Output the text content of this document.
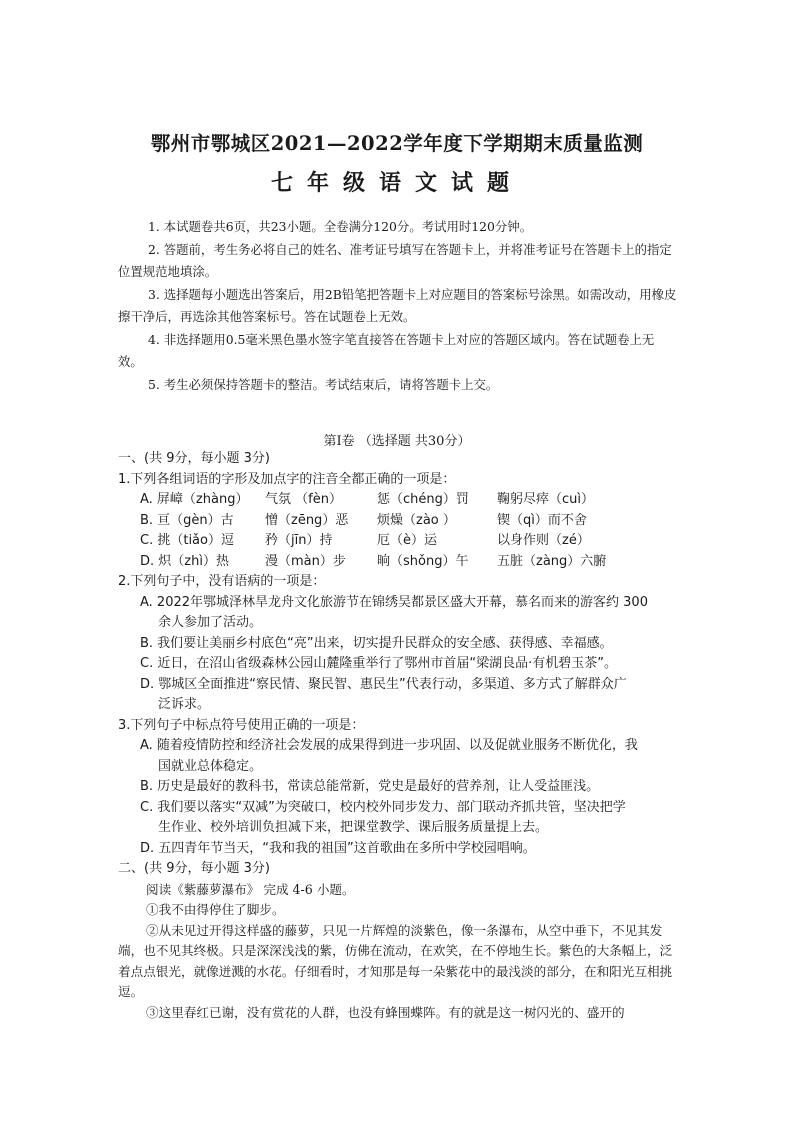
鄂州市鄂城区2021—2022学年度下学期期末质量监测
七年级语文试题

1. 本试题卷共6页，共23小题。全卷满分120分。考试用时120分钟。

2. 答题前，考生务必将自己的姓名、准考证号填写在答题卡上，并将准考证号在答题卡上的指定位置规范地填涂。

3. 选择题每小题选出答案后，用2B铅笔把答题卡上对应题目的答案标号涂黑。如需改动，用橡皮擦干净后，再选涂其他答案标号。答在试题卷上无效。

4. 非选择题用0.5毫米黑色墨水签字笔直接答在答题卡上对应的答题区域内。答在试题卷上无效。

5. 考生必须保持答题卡的整洁。考试结束后，请将答题卡上交。

第Ⅰ卷 （选择题 共30分）

一、(共 9分，每小题 3分)

1.下列各组词语的字形及加点字的注音全都正确的一项是：

A. 屏嶂（zhàng）	气氛 （fèn）	惩（chéng）罚	鞠躬尽瘁（cuì）
B. 亘（gèn）古	憎（zēng）恶	烦燥（zào ）	锲（qì）而不舍
C. 挑（tiǎo）逗	矜（jīn）持	厄（è）运	以身作则（zé）
D. 炽（zhì）热	漫（màn）步	晌（shǒng）午	五脏（zàng）六腑

2.下列句子中，没有语病的一项是：

A. 2022年鄂城泽林旱龙舟文化旅游节在锦绣吴都景区盛大开幕，慕名而来的游客约 300
余人参加了活动。

B. 我们要让美丽乡村底色“亮”出来，切实提升民群众的安全感、获得感、幸福感。

C. 近日，在沼山省级森林公园山麓隆重举行了鄂州市首届“梁湖良品·有机碧玉茶”。

D. 鄂城区全面推进“察民情、聚民智、惠民生”代表行动，多渠道、多方式了解群众广
泛诉求。

3.下列句子中标点符号使用正确的一项是：

A. 随着疫情防控和经济社会发展的成果得到进一步巩固、以及促就业服务不断优化，我
国就业总体稳定。

B. 历史是最好的教科书，常读总能常新，党史是最好的营养剂，让人受益匪浅。

C. 我们要以落实“双减”为突破口，校内校外同步发力、部门联动齐抓共管，坚决把学
生作业、校外培训负担减下来，把课堂教学、课后服务质量提上去。

D. 五四青年节当天，“我和我的祖国”这首歌曲在多所中学校园唱响。

二、(共 9分，每小题 3分)

阅读《紫藤萝瀑布》 完成 4-6 小题。

①我不由得停住了脚步。

②从未见过开得这样盛的藤萝，只见一片辉煌的淡紫色，像一条瀑布，从空中垂下，不见其发端，也不见其终极。只是深深浅浅的紫，仿佛在流动，在欢笑，在不停地生长。紫色的大条幅上，泛着点点银光，就像迸溅的水花。仔细看时，才知那是每一朵紫花中的最浅淡的部分，在和阳光互相挑逗。

③这里春红已谢，没有赏花的人群，也没有蜂围蝶阵。有的就是这一树闪光的、盛开的
